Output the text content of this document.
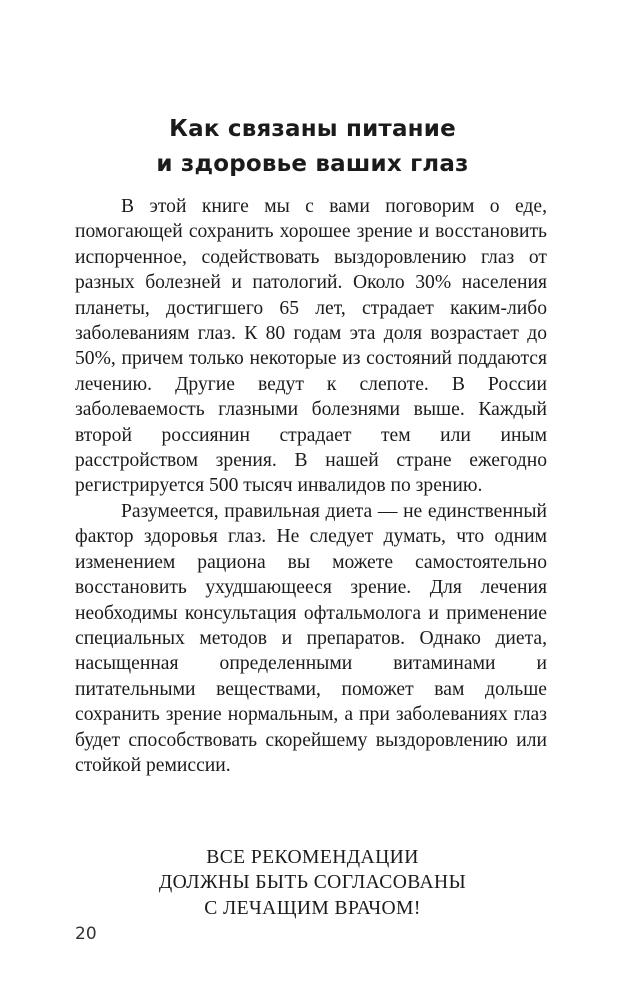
Как связаны питание
и здоровье ваших глаз

В этой книге мы с вами поговорим о еде, помогающей сохранить хорошее зрение и восстановить испорченное, содействовать выздоровлению глаз от разных болезней и патологий. Около 30% населения планеты, достигшего 65 лет, страдает каким-либо заболеваниям глаз. К 80 годам эта доля возрастает до 50%, причем только некоторые из состояний поддаются лечению. Другие ведут к слепоте. В России заболеваемость глазными болезнями выше. Каждый второй россиянин страдает тем или иным расстройством зрения. В нашей стране ежегодно регистрируется 500 тысяч инвалидов по зрению.

Разумеется, правильная диета — не единственный фактор здоровья глаз. Не следует думать, что одним изменением рациона вы можете самостоятельно восстановить ухудшающееся зрение. Для лечения необходимы консультация офтальмолога и применение специальных методов и препаратов. Однако диета, насыщенная определенными витаминами и питательными веществами, поможет вам дольше сохранить зрение нормальным, а при заболеваниях глаз будет способствовать скорейшему выздоровлению или стойкой ремиссии.

ВСЕ РЕКОМЕНДАЦИИ
ДОЛЖНЫ БЫТЬ СОГЛАСОВАНЫ
С ЛЕЧАЩИМ ВРАЧОМ!
20
